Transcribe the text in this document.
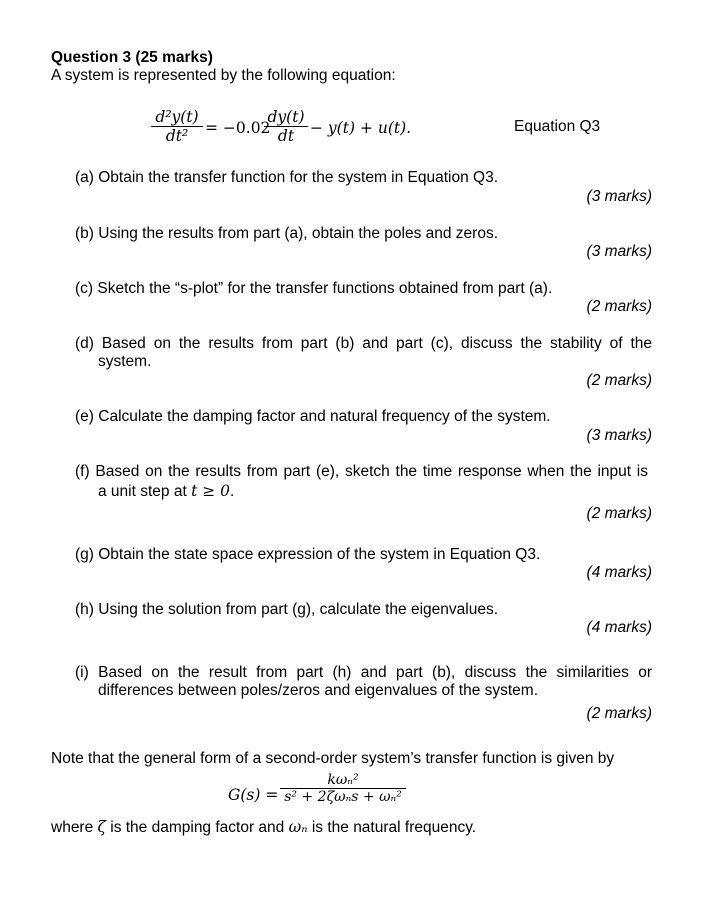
Question 3 (25 marks)
A system is represented by the following equation:
d²y(t)
dt²	= −0.02
dy(t)
dt	− y(t) + u(t).	Equation Q3
(a) Obtain the transfer function for the system in Equation Q3.
(3 marks)
(b) Using the results from part (a), obtain the poles and zeros.
(3 marks)
(c) Sketch the “s-plot” for the transfer functions obtained from part (a).
(2 marks)
(d) Based on the results from part (b) and part (c), discuss the stability of the
system.
(2 marks)
(e) Calculate the damping factor and natural frequency of the system.
(3 marks)
(f) Based on the results from part (e), sketch the time response when the input is
a unit step at t ≥ 0.
(2 marks)
(g) Obtain the state space expression of the system in Equation Q3.
(4 marks)
(h) Using the solution from part (g), calculate the eigenvalues.
(4 marks)
(i) Based on the result from part (h) and part (b), discuss the similarities or
differences between poles/zeros and eigenvalues of the system.
(2 marks)
Note that the general form of a second-order system’s transfer function is given by
G(s) =
kωₙ²
s² + 2ζωₙs + ωₙ²
where ζ is the damping factor and ωₙ is the natural frequency.
